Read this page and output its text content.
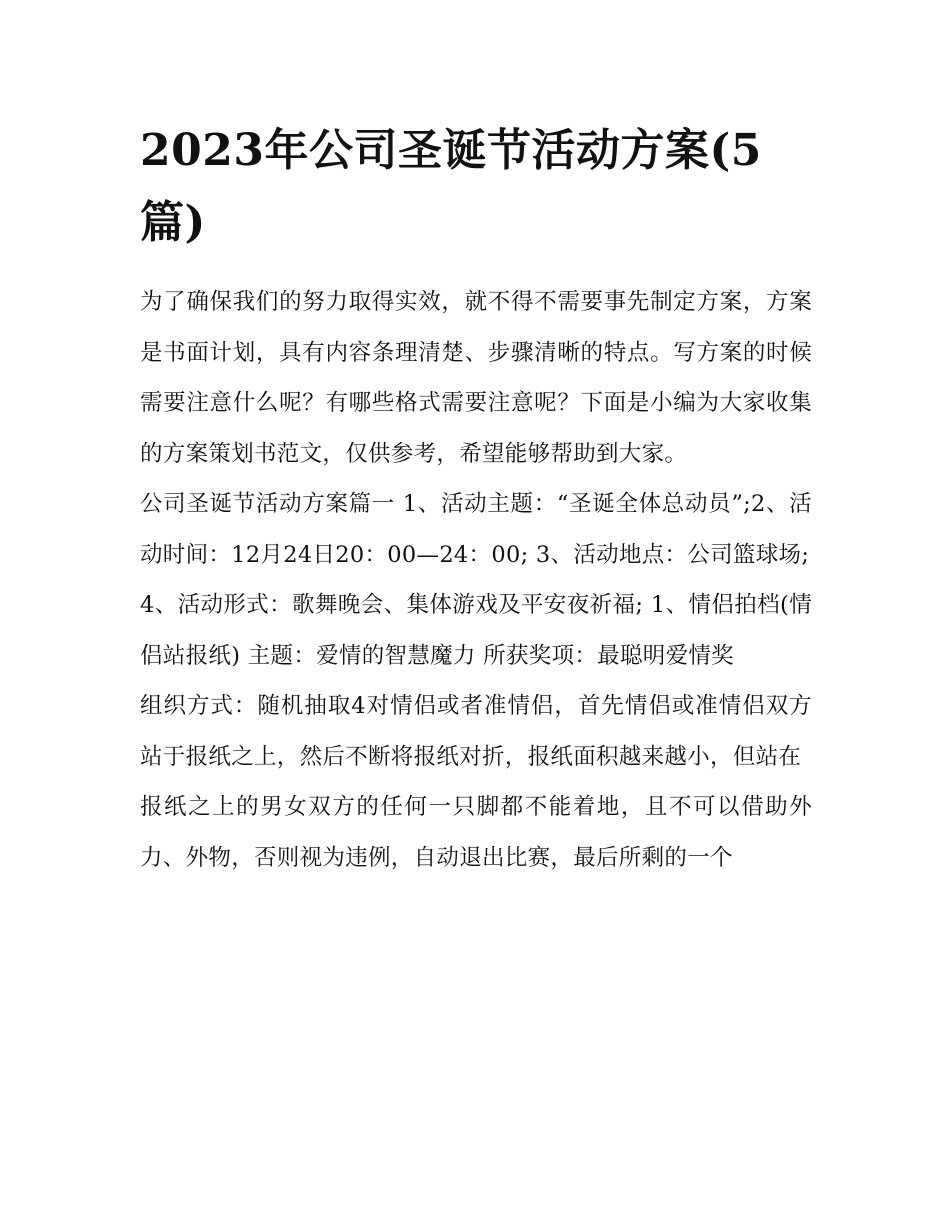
2023年公司圣诞节活动方案(5篇)

为了确保我们的努力取得实效，就不得不需要事先制定方案，方案是书面计划，具有内容条理清楚、步骤清晰的特点。写方案的时候需要注意什么呢？有哪些格式需要注意呢？下面是小编为大家收集的方案策划书范文，仅供参考，希望能够帮助到大家。

公司圣诞节活动方案篇一 1、活动主题：“圣诞全体总动员”;2、活动时间：12月24日20：00—24：00; 3、活动地点：公司篮球场;

4、活动形式：歌舞晚会、集体游戏及平安夜祈福; 1、情侣拍档(情侣站报纸) 主题：爱情的智慧魔力 所获奖项：最聪明爱情奖

组织方式：随机抽取4对情侣或者准情侣，首先情侣或准情侣双方站于报纸之上，然后不断将报纸对折，报纸面积越来越小，但站在

报纸之上的男女双方的任何一只脚都不能着地，且不可以借助外力、外物，否则视为违例，自动退出比赛，最后所剩的一个
